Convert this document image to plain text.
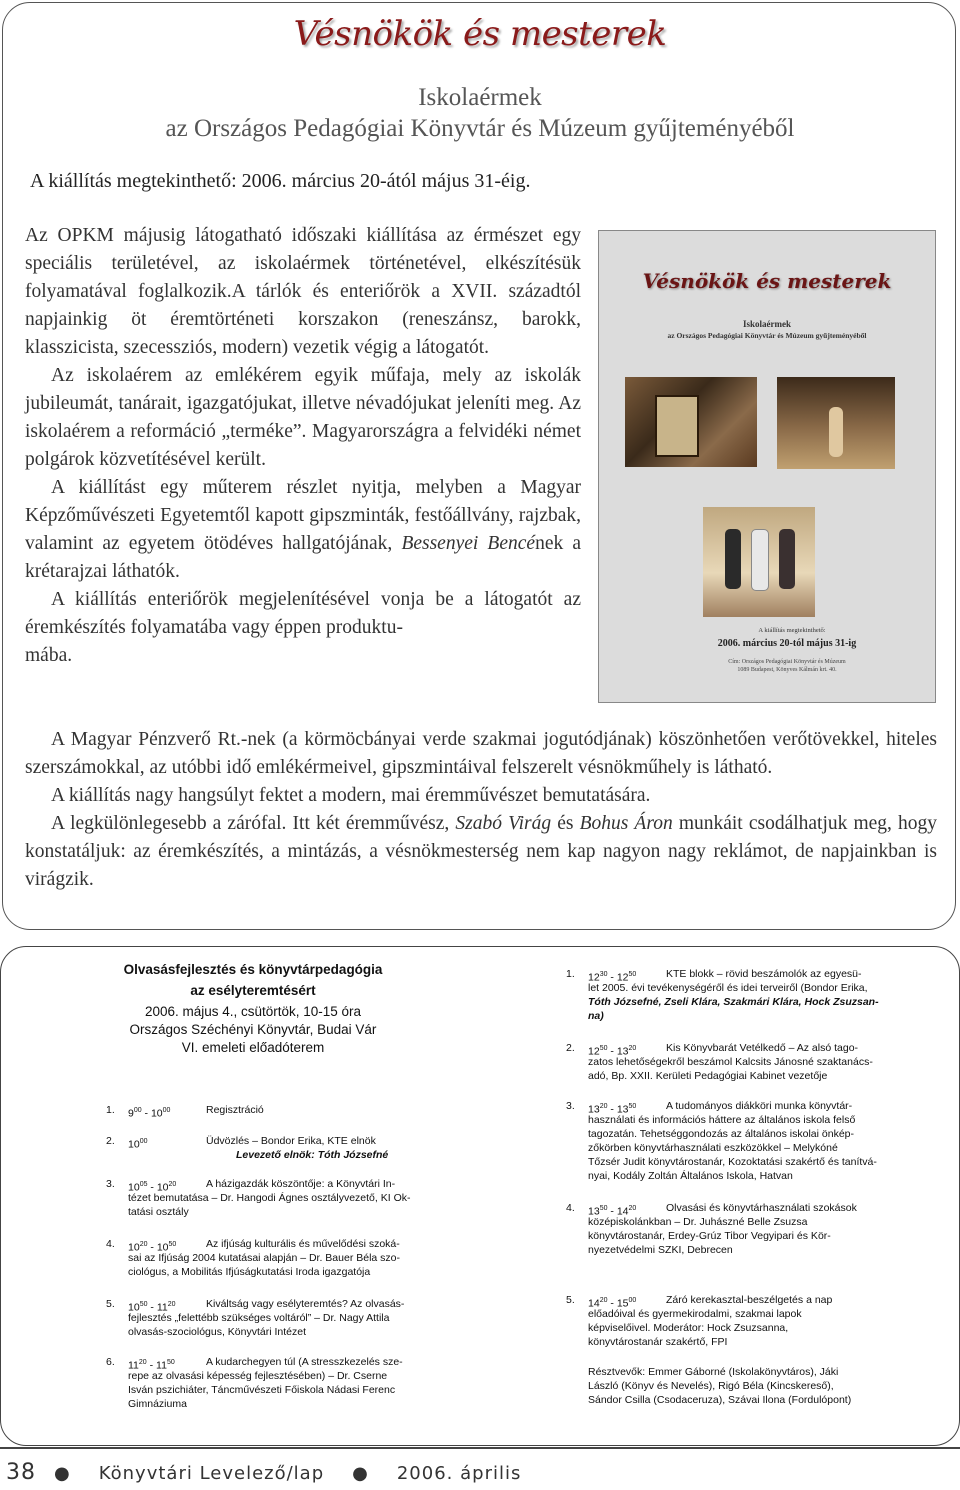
Vésnökök és mesterek
Iskolaérmek
az Országos Pedagógiai Könyvtár és Múzeum gyűjteményéből
A kiállítás megtekinthető: 2006. március 20-ától május 31-éig.

Az OPKM májusig látogatható időszaki kiállítása az érmészet egy speciális területével, az iskolaérmek történetével, elkészítésük folyamatával foglalkozik.A tárlók és enteriőrök a XVII. századtól napjainkig öt éremtörténeti korszakon (reneszánsz, barokk, klasszicista, szecessziós, modern) vezetik végig a látogatót.

Az iskolaérem az emlékérem egyik műfaja, mely az iskolák jubileumát, tanárait, igazgatójukat, illetve névadójukat jeleníti meg. Az iskolaérem a reformáció „terméke”. Magyarországra a felvidéki német polgárok közvetítésével került.

A kiállítást egy műterem részlet nyitja, melyben a Magyar Képzőművészeti Egyetemtől kapott gipszminták, festőállvány, rajzbak, valamint az egyetem ötödéves hallgatójának, Bessenyei Bencének a krétarajzai láthatók.

A kiállítás enteriőrök megjelenítésével vonja be a látogatót az éremkészítés folyamatába vagy éppen produktu-

mába.

A Magyar Pénzverő Rt.-nek (a körmöcbányai verde szakmai jogutódjának) köszönhetően verőtövekkel, hiteles szerszámokkal, az utóbbi idő emlékérmeivel, gipszmintáival felszerelt vésnökműhely is látható.

A kiállítás nagy hangsúlyt fektet a modern, mai éremművészet bemutatására.

A legkülönlegesebb a zárófal. Itt két éremművész, Szabó Virág és Bohus Áron munkáit csodálhatjuk meg, hogy konstatáljuk: az éremkészítés, a mintázás, a vésnökmesterség nem kap nagyon nagy reklámot, de napjainkban is virágzik.

Vésnökök és mesterek
Iskolaérmek
az Országos Pedagógiai Könyvtár és Múzeum gyűjteményéből
A kiállítás megtekinthető:
2006. március 20-tól május 31-ig
Cím: Országos Pedagógiai Könyvtár és Múzeum
1089 Budapest, Könyves Kálmán krt. 40.
Olvasásfejlesztés és könyvtárpedagógia
az esélyteremtésért
2006. május 4., csütörtök, 10-15 óra
Országos Széchényi Könyvtár, Budai Vár
VI. emeleti előadóterem
1. $9^{00} - 10^{00}$	Regisztráció
2. $10^{00}$	Üdvözlés – Bondor Erika, KTE elnök
Levezető elnök: Tóth Józsefné
3. $10^{05} - 10^{20}$	A házigazdák köszöntője: a Könyvtári In-
tézet bemutatása – Dr. Hangodi Ágnes osztályvezető, KI Ok-
tatási osztály
4. $10^{20} - 10^{50}$	Az ifjúság kulturális és művelődési szoká-
sai az Ifjúság 2004 kutatásai alapján – Dr. Bauer Béla szo-
ciológus, a Mobilitás Ifjúságkutatási Iroda igazgatója
5. $10^{50} - 11^{20}$	Kiváltság vagy esélyteremtés? Az olvasás-
fejlesztés „felettébb szükséges voltáról” – Dr. Nagy Attila
olvasás-szociológus, Könyvtári Intézet
6. $11^{20} - 11^{50}$	A kudarchegyen túl (A stresszkezelés sze-
repe az olvasási képesség fejlesztésében) – Dr. Cserne
Isván pszichiáter, Táncművészeti Főiskola Nádasi Ferenc
Gimnáziuma
1. $12^{30} - 12^{50}$	KTE blokk – rövid beszámolók az egyesü-
let 2005. évi tevékenységéről és idei terveiről (Bondor Erika,
Tóth Józsefné, Zseli Klára, Szakmári Klára, Hock Zsuzsan-
na)
2. $12^{50} - 13^{20}$	Kis Könyvbarát Vetélkedő – Az alsó tago-
zatos lehetőségekről beszámol Kalcsits Jánosné szaktanács-
adó, Bp. XXII. Kerületi Pedagógiai Kabinet vezetője
3. $13^{20} - 13^{50}$	A tudományos diákköri munka könyvtár-
használati és információs háttere az általános iskola felső
tagozatán. Tehetséggondozás az általános iskolai önkép-
zőkörben könyvtárhasználati eszközökkel – Melykóné
Tőzsér Judit könyvtárostanár, Kozoktatási szakértő és tanítvá-
nyai, Kodály Zoltán Általános Iskola, Hatvan
4. $13^{50} - 14^{20}$	Olvasási és könyvtárhasználati szokások
középiskolánkban – Dr. Juhászné Belle Zsuzsa
könyvtárostanár, Erdey-Grúz Tibor Vegyipari és Kör-
nyezetvédelmi SZKI, Debrecen
5. $14^{20} - 15^{00}$	Záró kerekasztal-beszélgetés a nap
előadóival és gyermekirodalmi, szakmai lapok
képviselőivel. Moderátor: Hock Zsuzsanna,
könyvtárostanár szakértő, FPI
Résztvevők: Emmer Gáborné (Iskolakönyvtáros), Jáki
László (Könyv és Nevelés), Rigó Béla (Kincskereső),
Sándor Csilla (Csodaceruza), Szávai Ilona (Fordulópont)
38 ● Könyvtári Levelező/lap ● 2006. április
